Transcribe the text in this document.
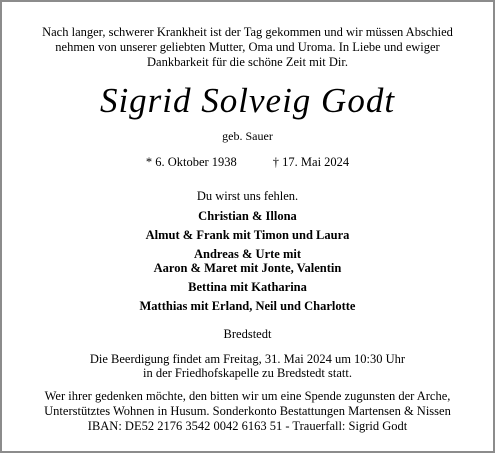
Nach langer, schwerer Krankheit ist der Tag gekommen und wir müssen Abschied
nehmen von unserer geliebten Mutter, Oma und Uroma. In Liebe und ewiger
Dankbarkeit für die schöne Zeit mit Dir.
Sigrid Solveig Godt
geb. Sauer
* 6. Oktober 1938	† 17. Mai 2024
Du wirst uns fehlen.
Christian & Illona
Almut & Frank mit Timon und Laura
Andreas & Urte mit
Aaron & Maret mit Jonte, Valentin
Bettina mit Katharina
Matthias mit Erland, Neil und Charlotte
Bredstedt
Die Beerdigung findet am Freitag, 31. Mai 2024 um 10:30 Uhr
in der Friedhofskapelle zu Bredstedt statt.
Wer ihrer gedenken möchte, den bitten wir um eine Spende zugunsten der Arche,
Unterstütztes Wohnen in Husum. Sonderkonto Bestattungen Martensen & Nissen
IBAN: DE52 2176 3542 0042 6163 51 - Trauerfall: Sigrid Godt
